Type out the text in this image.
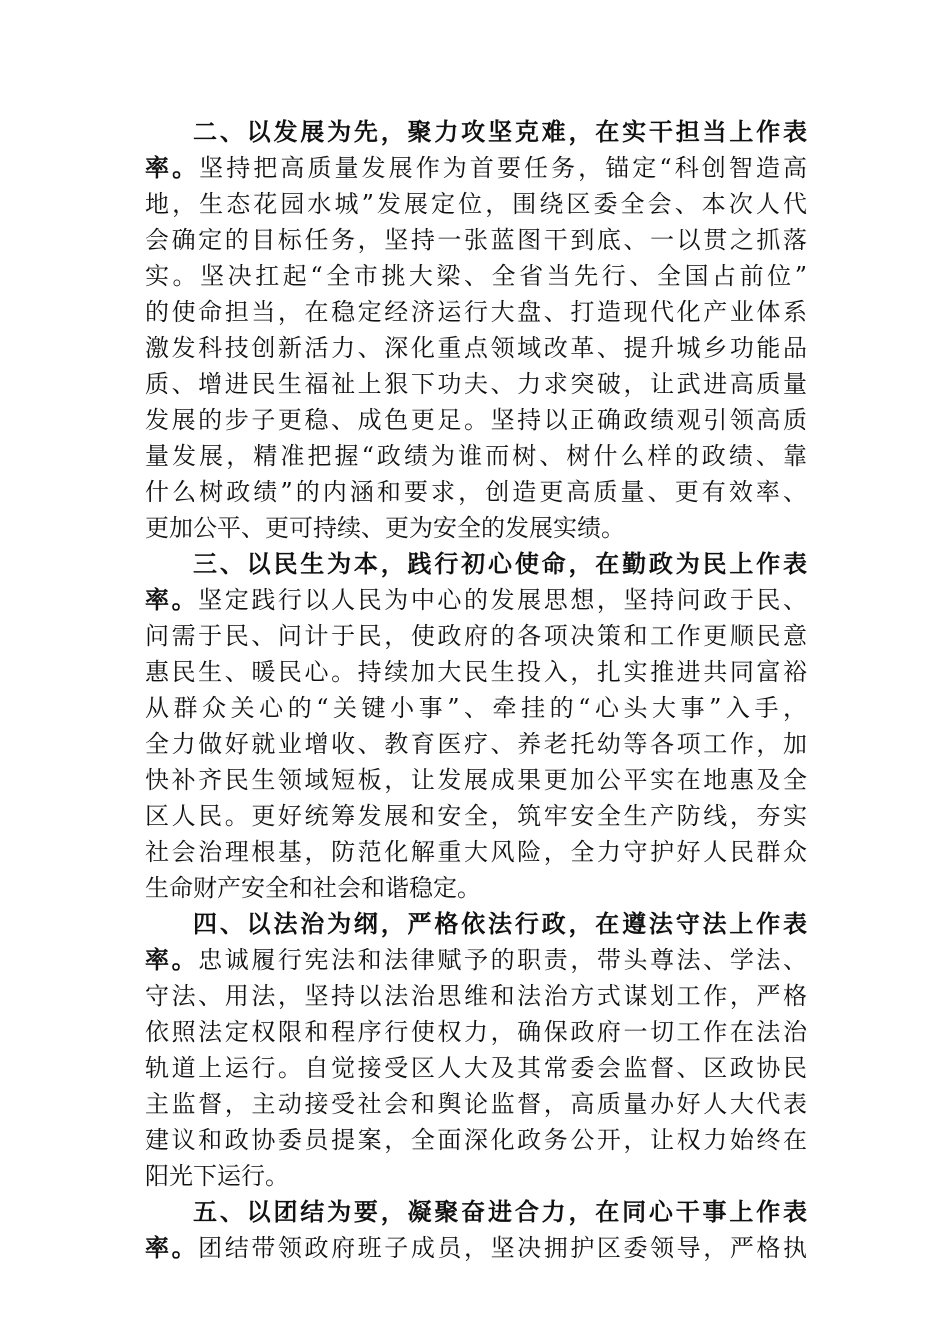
二、以发展为先，聚力攻坚克难，在实干担当上作表
率。坚持把高质量发展作为首要任务，锚定“科创智造高
地，生态花园水城”发展定位，围绕区委全会、本次人代
会确定的目标任务，坚持一张蓝图干到底、一以贯之抓落
实。坚决扛起“全市挑大梁、全省当先行、全国占前位”
的使命担当，在稳定经济运行大盘、打造现代化产业体系
激发科技创新活力、深化重点领域改革、提升城乡功能品
质、增进民生福祉上狠下功夫、力求突破，让武进高质量
发展的步子更稳、成色更足。坚持以正确政绩观引领高质
量发展，精准把握“政绩为谁而树、树什么样的政绩、靠
什么树政绩”的内涵和要求，创造更高质量、更有效率、
更加公平、更可持续、更为安全的发展实绩。
三、以民生为本，践行初心使命，在勤政为民上作表
率。坚定践行以人民为中心的发展思想，坚持问政于民、
问需于民、问计于民，使政府的各项决策和工作更顺民意
惠民生、暖民心。持续加大民生投入，扎实推进共同富裕
从群众关心的“关键小事”、牵挂的“心头大事”入手，
全力做好就业增收、教育医疗、养老托幼等各项工作，加
快补齐民生领域短板，让发展成果更加公平实在地惠及全
区人民。更好统筹发展和安全，筑牢安全生产防线，夯实
社会治理根基，防范化解重大风险，全力守护好人民群众
生命财产安全和社会和谐稳定。
四、以法治为纲，严格依法行政，在遵法守法上作表
率。忠诚履行宪法和法律赋予的职责，带头尊法、学法、
守法、用法，坚持以法治思维和法治方式谋划工作，严格
依照法定权限和程序行使权力，确保政府一切工作在法治
轨道上运行。自觉接受区人大及其常委会监督、区政协民
主监督，主动接受社会和舆论监督，高质量办好人大代表
建议和政协委员提案，全面深化政务公开，让权力始终在
阳光下运行。
五、以团结为要，凝聚奋进合力，在同心干事上作表
率。团结带领政府班子成员，坚决拥护区委领导，严格执
